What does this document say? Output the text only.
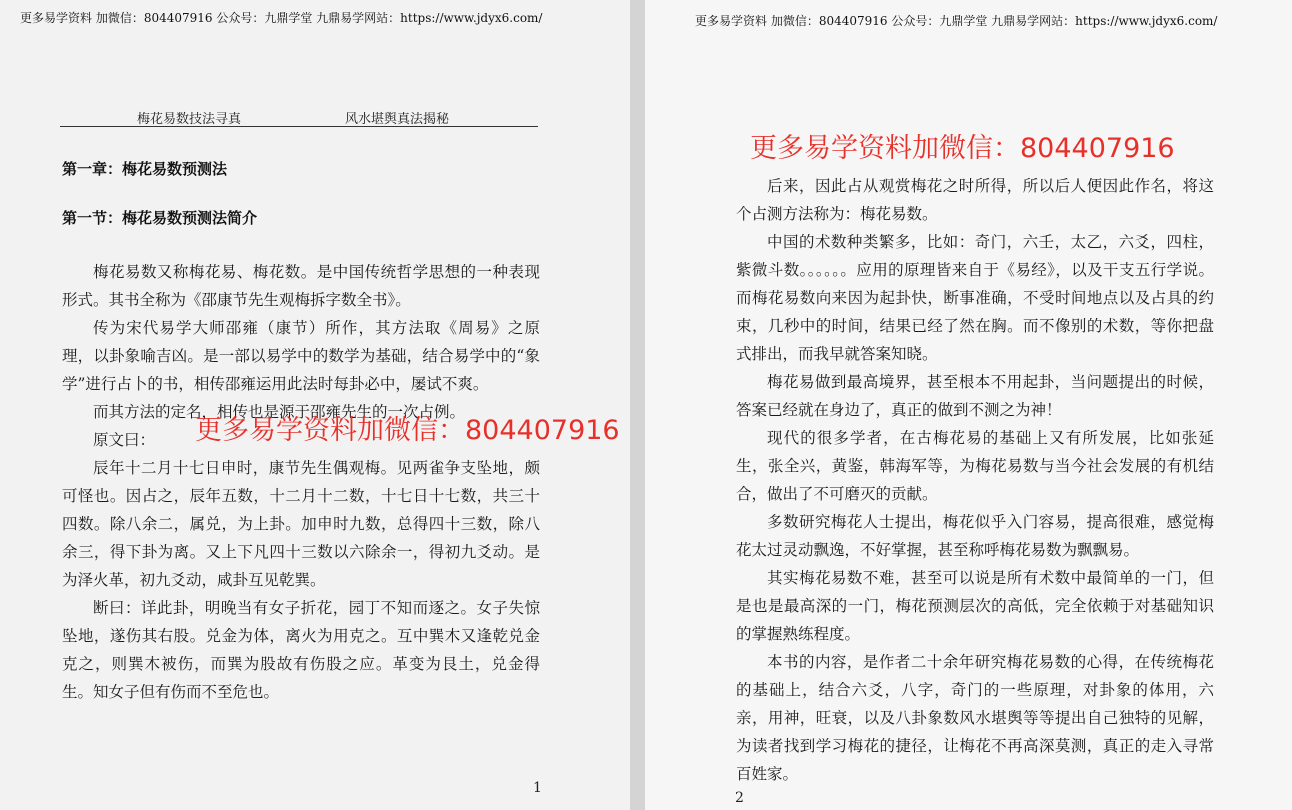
更多易学资料 加微信：804407916 公众号：九鼎学堂 九鼎易学网站：https://www.jdyx6.com/
梅花易数技法寻真	风水堪舆真法揭秘
第一章：梅花易数预测法
第一节：梅花易数预测法简介

梅花易数又称梅花易、梅花数。是中国传统哲学思想的一种表现形式。其书全称为《邵康节先生观梅拆字数全书》。

传为宋代易学大师邵雍（康节）所作，其方法取《周易》之原理，以卦象喻吉凶。是一部以易学中的数学为基础，结合易学中的“象学”进行占卜的书，相传邵雍运用此法时每卦必中，屡试不爽。

而其方法的定名，相传也是源于邵雍先生的一次占例。

原文曰：

辰年十二月十七日申时，康节先生偶观梅。见两雀争支坠地，颇可怪也。因占之，辰年五数，十二月十二数，十七日十七数，共三十四数。除八余二，属兑，为上卦。加申时九数，总得四十三数，除八余三，得下卦为离。又上下凡四十三数以六除余一，得初九爻动。是为泽火革，初九爻动，咸卦互见乾巽。

断曰：详此卦，明晚当有女子折花，园丁不知而逐之。女子失惊坠地，遂伤其右股。兑金为体，离火为用克之。互中巽木又逢乾兑金克之，则巽木被伤，而巽为股故有伤股之应。革变为艮土，兑金得生。知女子但有伤而不至危也。

更多易学资料加微信：804407916
1
更多易学资料 加微信：804407916 公众号：九鼎学堂 九鼎易学网站：https://www.jdyx6.com/
更多易学资料加微信：804407916

后来，因此占从观赏梅花之时所得，所以后人便因此作名，将这个占测方法称为：梅花易数。

中国的术数种类繁多，比如：奇门，六壬，太乙，六爻，四柱，紫微斗数。。。。。。应用的原理皆来自于《易经》，以及干支五行学说。而梅花易数向来因为起卦快，断事准确，不受时间地点以及占具的约束，几秒中的时间，结果已经了然在胸。而不像别的术数，等你把盘式排出，而我早就答案知晓。

梅花易做到最高境界，甚至根本不用起卦，当问题提出的时候，答案已经就在身边了，真正的做到不测之为神！

现代的很多学者，在古梅花易的基础上又有所发展，比如张延生，张全兴，黄鉴，韩海军等，为梅花易数与当今社会发展的有机结合，做出了不可磨灭的贡献。

多数研究梅花人士提出，梅花似乎入门容易，提高很难，感觉梅花太过灵动飘逸，不好掌握，甚至称呼梅花易数为飘飘易。

其实梅花易数不难，甚至可以说是所有术数中最简单的一门，但是也是最高深的一门，梅花预测层次的高低，完全依赖于对基础知识的掌握熟练程度。

本书的内容，是作者二十余年研究梅花易数的心得，在传统梅花的基础上，结合六爻，八字，奇门的一些原理，对卦象的体用，六亲，用神，旺衰，以及八卦象数风水堪舆等等提出自己独特的见解，为读者找到学习梅花的捷径，让梅花不再高深莫测，真正的走入寻常百姓家。

2
